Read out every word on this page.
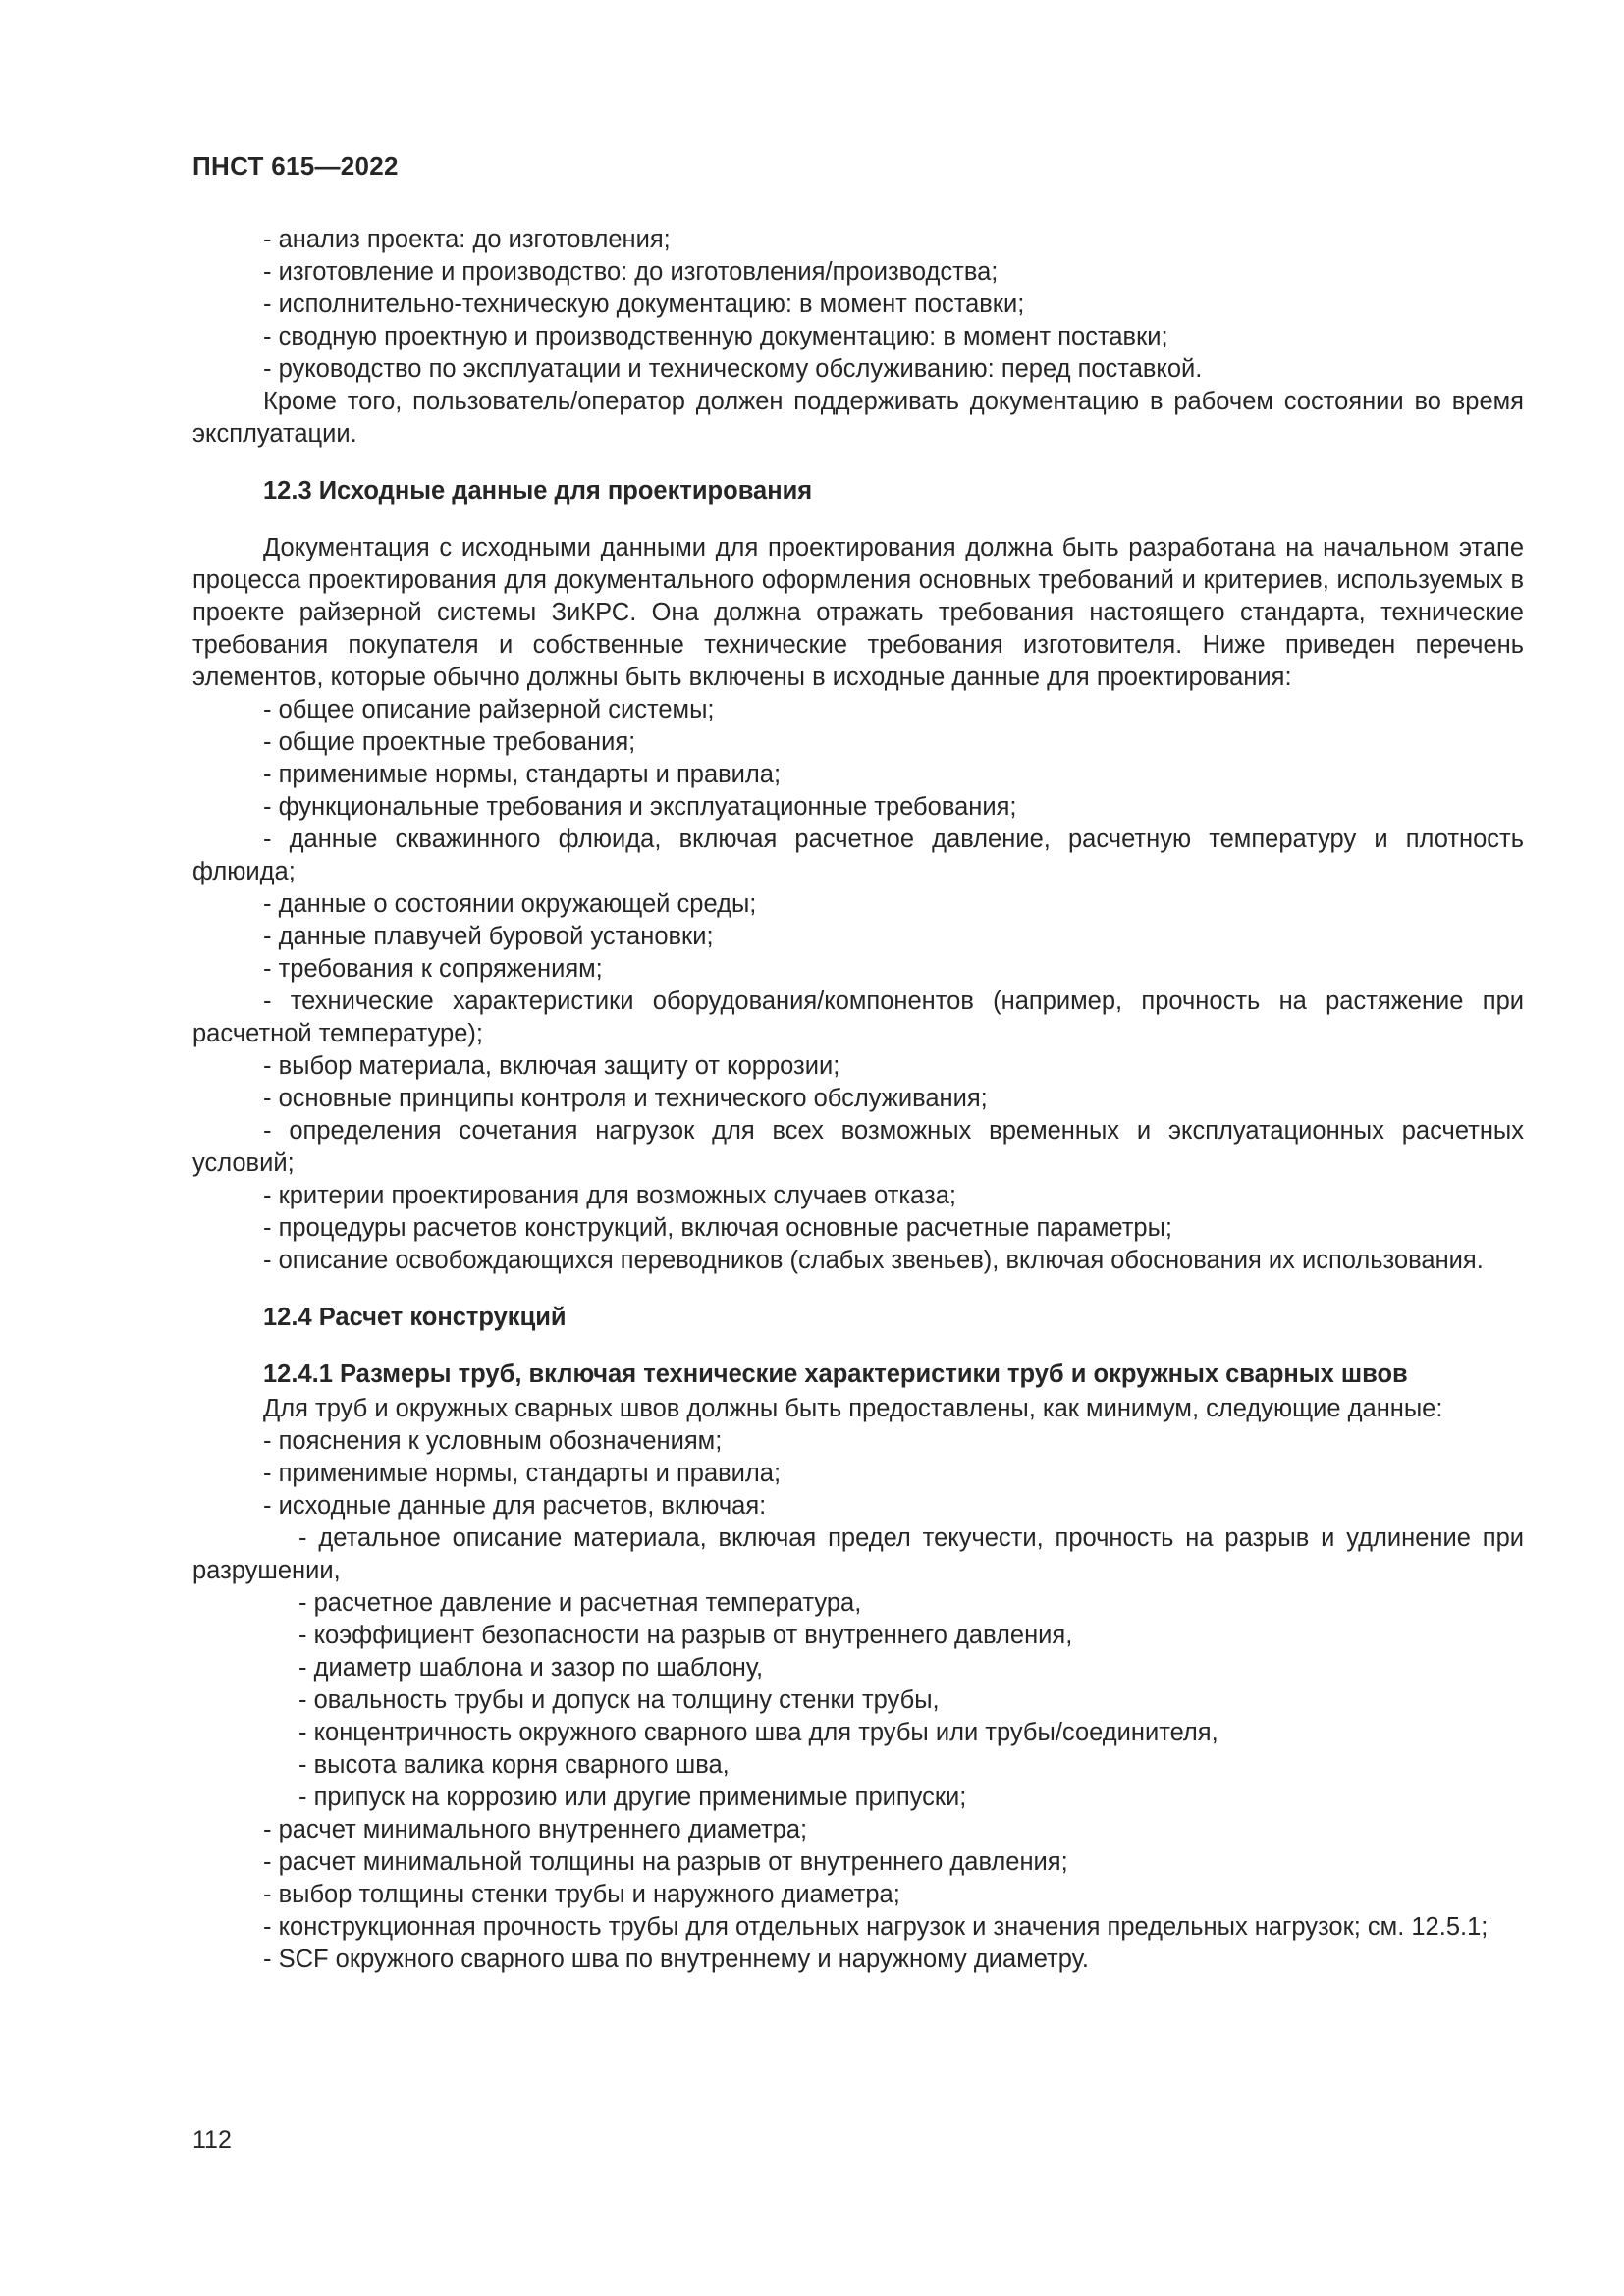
ПНСТ 615—2022

- анализ проекта: до изготовления;

- изготовление и производство: до изготовления/производства;

- исполнительно-техническую документацию: в момент поставки;

- сводную проектную и производственную документацию: в момент поставки;

- руководство по эксплуатации и техническому обслуживанию: перед поставкой.

Кроме того, пользователь/оператор должен поддерживать документацию в рабочем состоянии во время эксплуатации.

12.3 Исходные данные для проектирования

Документация с исходными данными для проектирования должна быть разработана на начальном этапе процесса проектирования для документального оформления основных требований и критериев, используемых в проекте райзерной системы ЗиКРС. Она должна отражать требования настоящего стандарта, технические требования покупателя и собственные технические требования изготовителя. Ниже приведен перечень элементов, которые обычно должны быть включены в исходные данные для проектирования:

- общее описание райзерной системы;

- общие проектные требования;

- применимые нормы, стандарты и правила;

- функциональные требования и эксплуатационные требования;

- данные скважинного флюида, включая расчетное давление, расчетную температуру и плотность флюида;

- данные о состоянии окружающей среды;

- данные плавучей буровой установки;

- требования к сопряжениям;

- технические характеристики оборудования/компонентов (например, прочность на растяжение при расчетной температуре);

- выбор материала, включая защиту от коррозии;

- основные принципы контроля и технического обслуживания;

- определения сочетания нагрузок для всех возможных временных и эксплуатационных расчетных условий;

- критерии проектирования для возможных случаев отказа;

- процедуры расчетов конструкций, включая основные расчетные параметры;

- описание освобождающихся переводников (слабых звеньев), включая обоснования их использования.

12.4 Расчет конструкций

12.4.1 Размеры труб, включая технические характеристики труб и окружных сварных швов

Для труб и окружных сварных швов должны быть предоставлены, как минимум, следующие данные:

- пояснения к условным обозначениям;

- применимые нормы, стандарты и правила;

- исходные данные для расчетов, включая:

- детальное описание материала, включая предел текучести, прочность на разрыв и удлинение при разрушении,

- расчетное давление и расчетная температура,

- коэффициент безопасности на разрыв от внутреннего давления,

- диаметр шаблона и зазор по шаблону,

- овальность трубы и допуск на толщину стенки трубы,

- концентричность окружного сварного шва для трубы или трубы/соединителя,

- высота валика корня сварного шва,

- припуск на коррозию или другие применимые припуски;

- расчет минимального внутреннего диаметра;

- расчет минимальной толщины на разрыв от внутреннего давления;

- выбор толщины стенки трубы и наружного диаметра;

- конструкционная прочность трубы для отдельных нагрузок и значения предельных нагрузок; см. 12.5.1;

- SCF окружного сварного шва по внутреннему и наружному диаметру.

112
